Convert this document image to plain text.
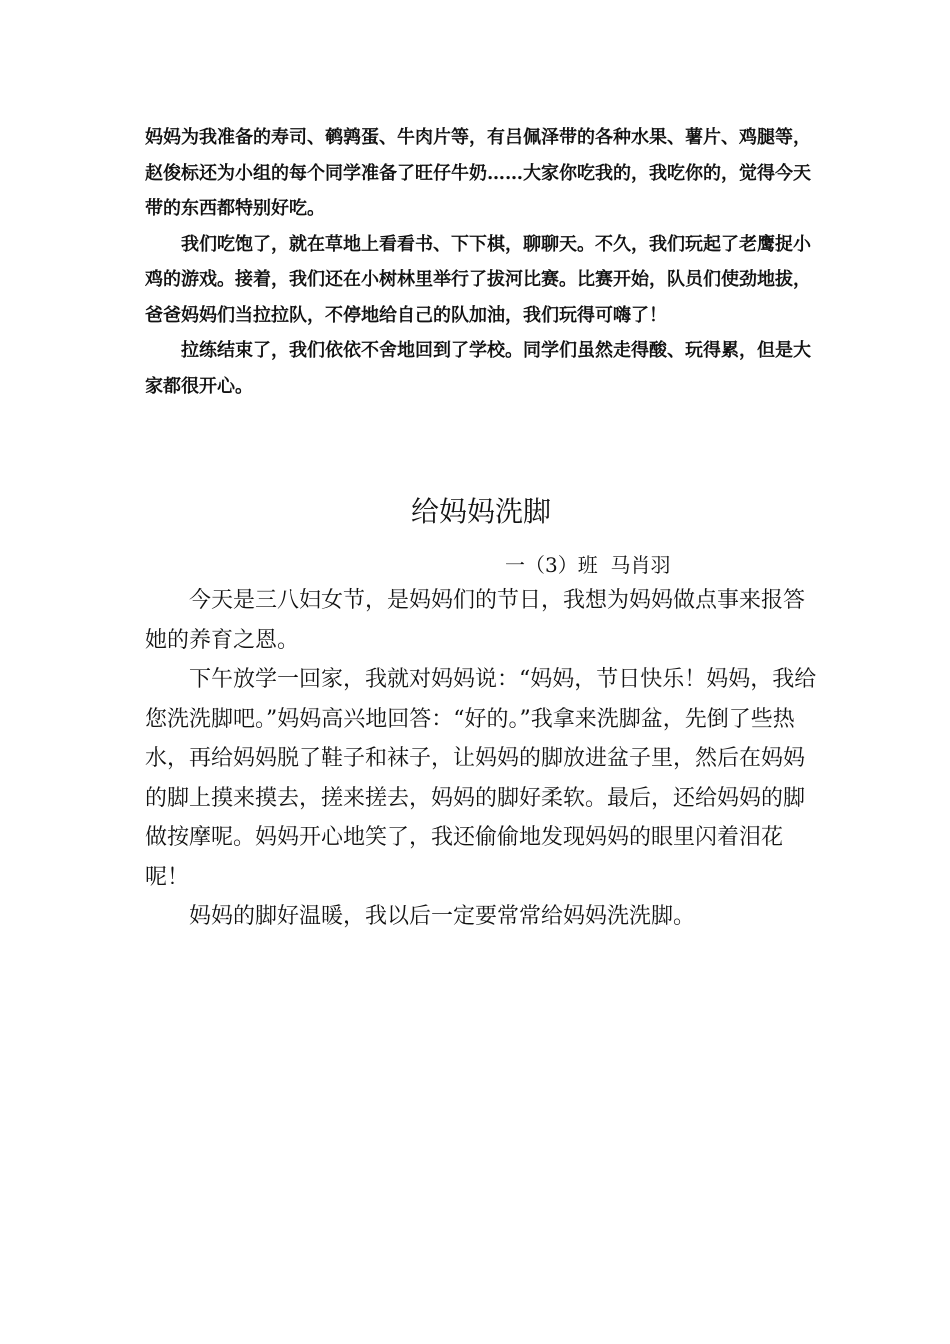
妈妈为我准备的寿司、鹌鹑蛋、牛肉片等，有吕佩泽带的各种水果、薯片、鸡腿等，赵俊标还为小组的每个同学准备了旺仔牛奶……大家你吃我的，我吃你的，觉得今天带的东西都特别好吃。

我们吃饱了，就在草地上看看书、下下棋，聊聊天。不久，我们玩起了老鹰捉小鸡的游戏。接着，我们还在小树林里举行了拔河比赛。比赛开始，队员们使劲地拔，爸爸妈妈们当拉拉队，不停地给自己的队加油，我们玩得可嗨了！

拉练结束了，我们依依不舍地回到了学校。同学们虽然走得酸、玩得累，但是大家都很开心。

给妈妈洗脚
一（3）班  马肖羽

今天是三八妇女节，是妈妈们的节日，我想为妈妈做点事来报答她的养育之恩。

下午放学一回家，我就对妈妈说：“妈妈，节日快乐！妈妈，我给您洗洗脚吧。”妈妈高兴地回答：“好的。”我拿来洗脚盆，先倒了些热水，再给妈妈脱了鞋子和袜子，让妈妈的脚放进盆子里，然后在妈妈的脚上摸来摸去，搓来搓去，妈妈的脚好柔软。最后，还给妈妈的脚做按摩呢。妈妈开心地笑了，我还偷偷地发现妈妈的眼里闪着泪花呢！

妈妈的脚好温暖，我以后一定要常常给妈妈洗洗脚。
